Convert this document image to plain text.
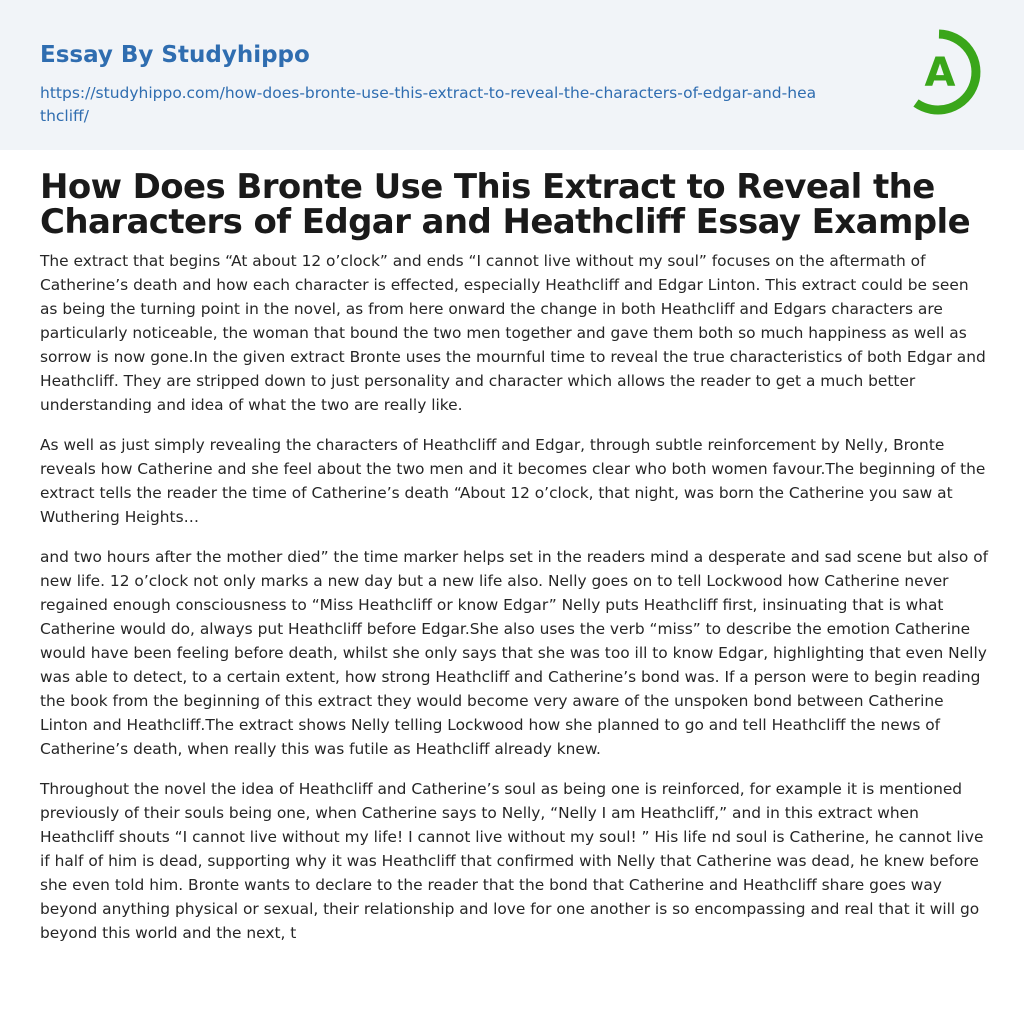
Essay By Studyhippo
https://studyhippo.com/how-does-bronte-use-this-extract-to-reveal-the-characters-of-edgar-and-heathcliff/
A
How Does Bronte Use This Extract to Reveal the Characters of Edgar and Heathcliff Essay Example

The extract that begins “At about 12 o’clock” and ends “I cannot live without my soul” focuses on the aftermath of Catherine’s death and how each character is effected, especially Heathcliff and Edgar Linton. This extract could be seen as being the turning point in the novel, as from here onward the change in both Heathcliff and Edgars characters are particularly noticeable, the woman that bound the two men together and gave them both so much happiness as well as sorrow is now gone.In the given extract Bronte uses the mournful time to reveal the true characteristics of both Edgar and Heathcliff. They are stripped down to just personality and character which allows the reader to get a much better understanding and idea of what the two are really like.

As well as just simply revealing the characters of Heathcliff and Edgar, through subtle reinforcement by Nelly, Bronte reveals how Catherine and she feel about the two men and it becomes clear who both women favour.The beginning of the extract tells the reader the time of Catherine’s death “About 12 o’clock, that night, was born the Catherine you saw at Wuthering Heights…

and two hours after the mother died” the time marker helps set in the readers mind a desperate and sad scene but also of new life. 12 o’clock not only marks a new day but a new life also. Nelly goes on to tell Lockwood how Catherine never regained enough consciousness to “Miss Heathcliff or know Edgar” Nelly puts Heathcliff first, insinuating that is what Catherine would do, always put Heathcliff before Edgar.She also uses the verb “miss” to describe the emotion Catherine would have been feeling before death, whilst she only says that she was too ill to know Edgar, highlighting that even Nelly was able to detect, to a certain extent, how strong Heathcliff and Catherine’s bond was. If a person were to begin reading the book from the beginning of this extract they would become very aware of the unspoken bond between Catherine Linton and Heathcliff.The extract shows Nelly telling Lockwood how she planned to go and tell Heathcliff the news of Catherine’s death, when really this was futile as Heathcliff already knew.

Throughout the novel the idea of Heathcliff and Catherine’s soul as being one is reinforced, for example it is mentioned previously of their souls being one, when Catherine says to Nelly, “Nelly I am Heathcliff,” and in this extract when Heathcliff shouts “I cannot live without my life! I cannot live without my soul! ” His life nd soul is Catherine, he cannot live if half of him is dead, supporting why it was Heathcliff that confirmed with Nelly that Catherine was dead, he knew before she even told him. Bronte wants to declare to the reader that the bond that Catherine and Heathcliff share goes way beyond anything physical or sexual, their relationship and love for one another is so encompassing and real that it will go beyond this world and the next, t
